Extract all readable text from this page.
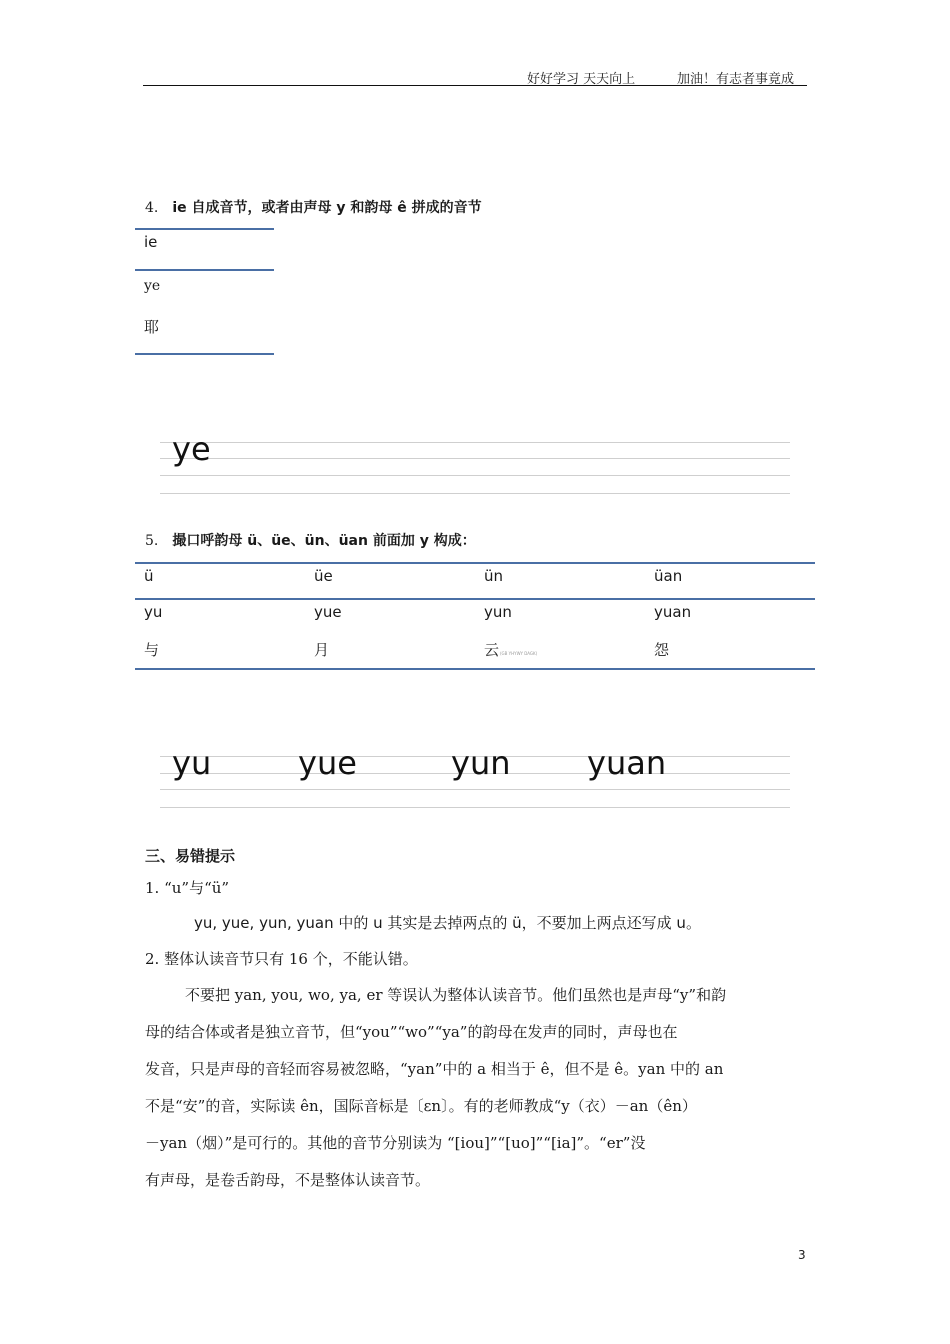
好好学习 天天向上	加油！有志者事竟成
4. ie 自成音节，或者由声母 y 和韵母 ê 拼成的音节
ie
ye
耶
ye
5. 撮口呼韵母 ü、üe、ün、üan 前面加 y 构成：
ü	üe	ün	üan
yu	yue	yun	yuan
与	月	云 (GB YHYWY DAGK)	怨
yu	yue	yun yuan
三、易错提示
1. “u”与“ü”
yu, yue, yun, yuan 中的 u 其实是去掉两点的 ü，不要加上两点还写成 u。
2. 整体认读音节只有 16 个，不能认错。
不要把 yan, you, wo, ya, er 等误认为整体认读音节。他们虽然也是声母“y”和韵
母的结合体或者是独立音节，但“you”“wo”“ya”的韵母在发声的同时，声母也在
发音，只是声母的音轻而容易被忽略，“yan”中的 a 相当于 ê，但不是 ê。yan 中的 an
不是“安”的音，实际读 ên，国际音标是〔εn〕。有的老师教成“y（衣）－an（ên）
－yan（烟）”是可行的。其他的音节分别读为 “[iou]”“[uo]”“[ia]”。“er”没
有声母，是卷舌韵母，不是整体认读音节。
3
